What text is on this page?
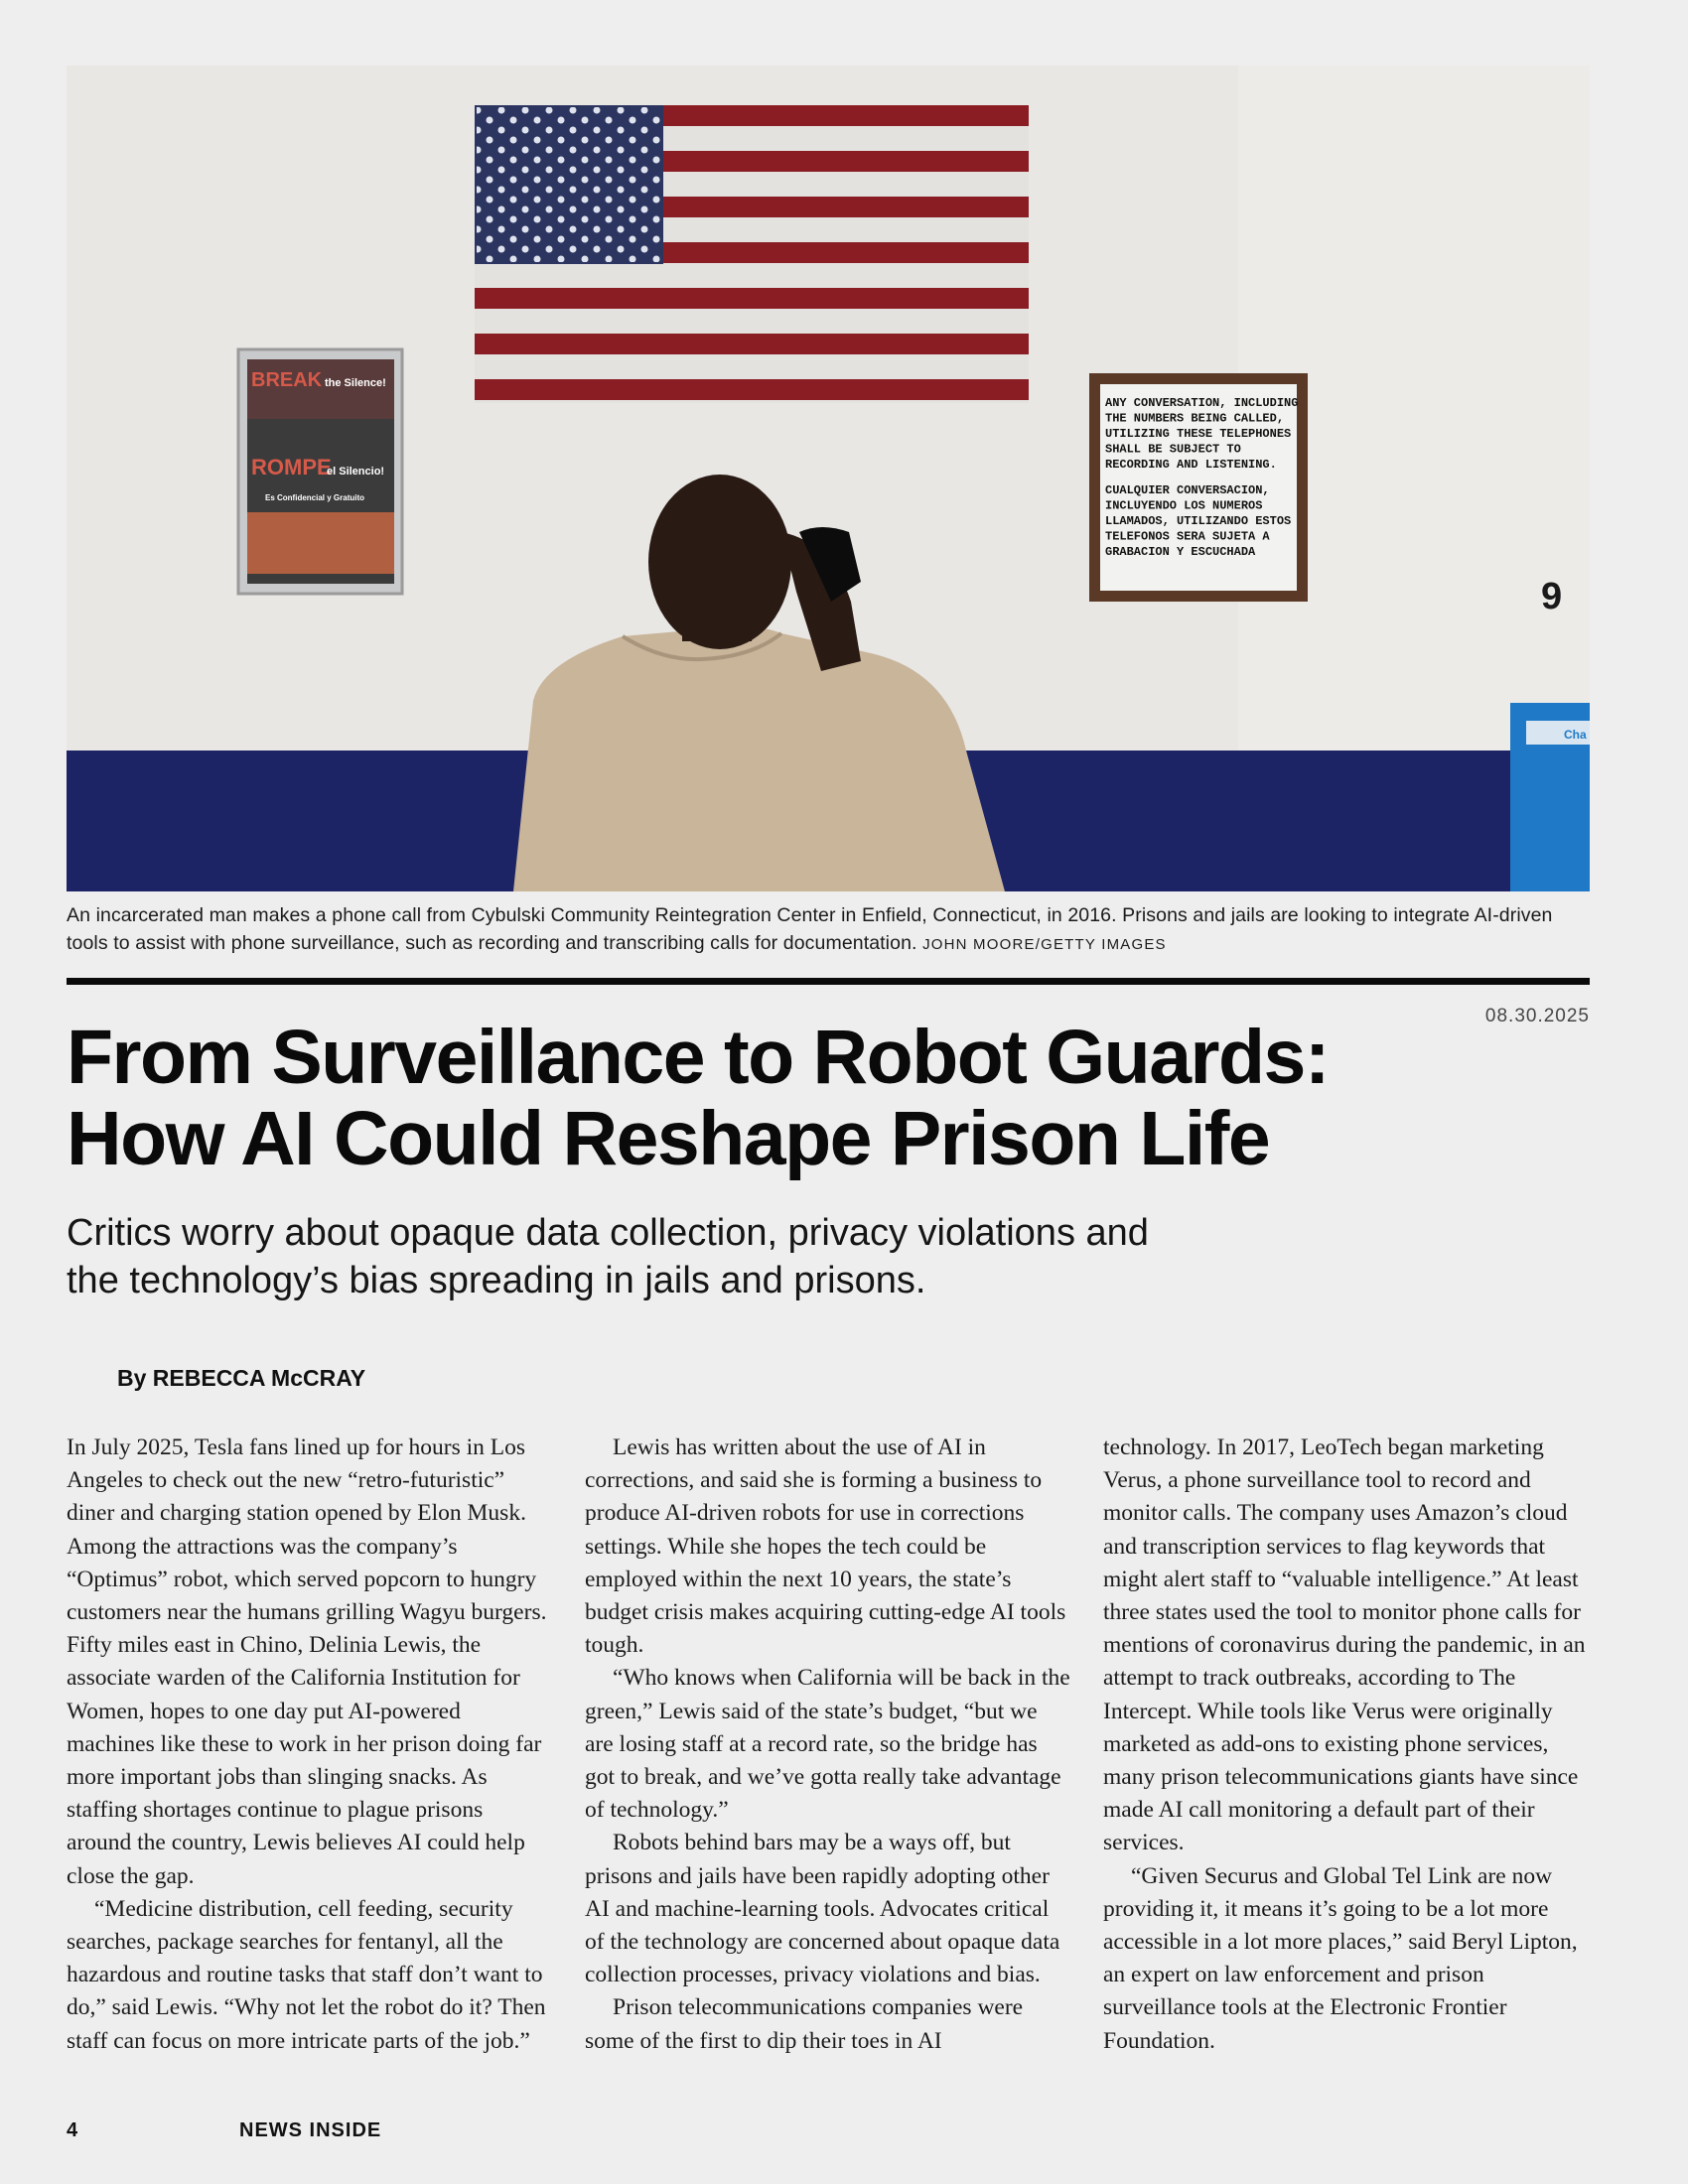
BREAK the Silence!
ROMPE
el Silencio!
Es Confidencial y Gratuito
ANY CONVERSATION, INCLUDING THE NUMBERS BEING CALLED, UTILIZING THESE TELEPHONES SHALL BE SUBJECT TO RECORDING AND LISTENING. CUALQUIER CONVERSACION, INCLUYENDO LOS NUMEROS LLAMADOS, UTILIZANDO ESTOS TELEFONOS SERA SUJETA A GRABACION Y ESCUCHADA
9
Cha
An incarcerated man makes a phone call from Cybulski Community Reintegration Center in Enfield, Connecticut, in 2016. Prisons and jails are looking to integrate AI-driven tools to assist with phone surveillance, such as recording and transcribing calls for documentation. JOHN MOORE/GETTY IMAGES
08.30.2025
From Surveillance to Robot Guards:
How AI Could Reshape Prison Life
Critics worry about opaque data collection, privacy violations and
the technology’s bias spreading in jails and prisons.
By REBECCA McCRAY

In July 2025, Tesla fans lined up for hours in Los Angeles to check out the new “retro-futuristic” diner and charging station opened by Elon Musk. Among the attractions was the company’s “Optimus” robot, which served popcorn to hungry customers near the humans grilling Wagyu burgers. Fifty miles east in Chino, Delinia Lewis, the associate warden of the California Institution for Women, hopes to one day put AI-powered machines like these to work in her prison doing far more important jobs than slinging snacks. As staffing shortages continue to plague prisons around the country, Lewis believes AI could help close the gap.

“Medicine distribution, cell feeding, security searches, package searches for fentanyl, all the hazardous and routine tasks that staff don’t want to do,” said Lewis. “Why not let the robot do it? Then staff can focus on more intricate parts of the job.”

Lewis has written about the use of AI in corrections, and said she is forming a business to produce AI-driven robots for use in corrections settings. While she hopes the tech could be employed within the next 10 years, the state’s budget crisis makes acquiring cutting-edge AI tools tough.

“Who knows when California will be back in the green,” Lewis said of the state’s budget, “but we are losing staff at a record rate, so the bridge has got to break, and we’ve gotta really take advantage of technology.”

Robots behind bars may be a ways off, but prisons and jails have been rapidly adopting other AI and machine-learning tools. Advocates critical of the technology are concerned about opaque data collection processes, privacy violations and bias.

Prison telecommunications companies were some of the first to dip their toes in AI

technology. In 2017, LeoTech began marketing Verus, a phone surveillance tool to record and monitor calls. The company uses Amazon’s cloud and transcription services to flag keywords that might alert staff to “valuable intelligence.” At least three states used the tool to monitor phone calls for mentions of coronavirus during the pandemic, in an attempt to track outbreaks, according to The Intercept. While tools like Verus were originally marketed as add-ons to existing phone services, many prison telecommunications giants have since made AI call monitoring a default part of their services.

“Given Securus and Global Tel Link are now providing it, it means it’s going to be a lot more accessible in a lot more places,” said Beryl Lipton, an expert on law enforcement and prison surveillance tools at the Electronic Frontier Foundation.

4	NEWS INSIDE
